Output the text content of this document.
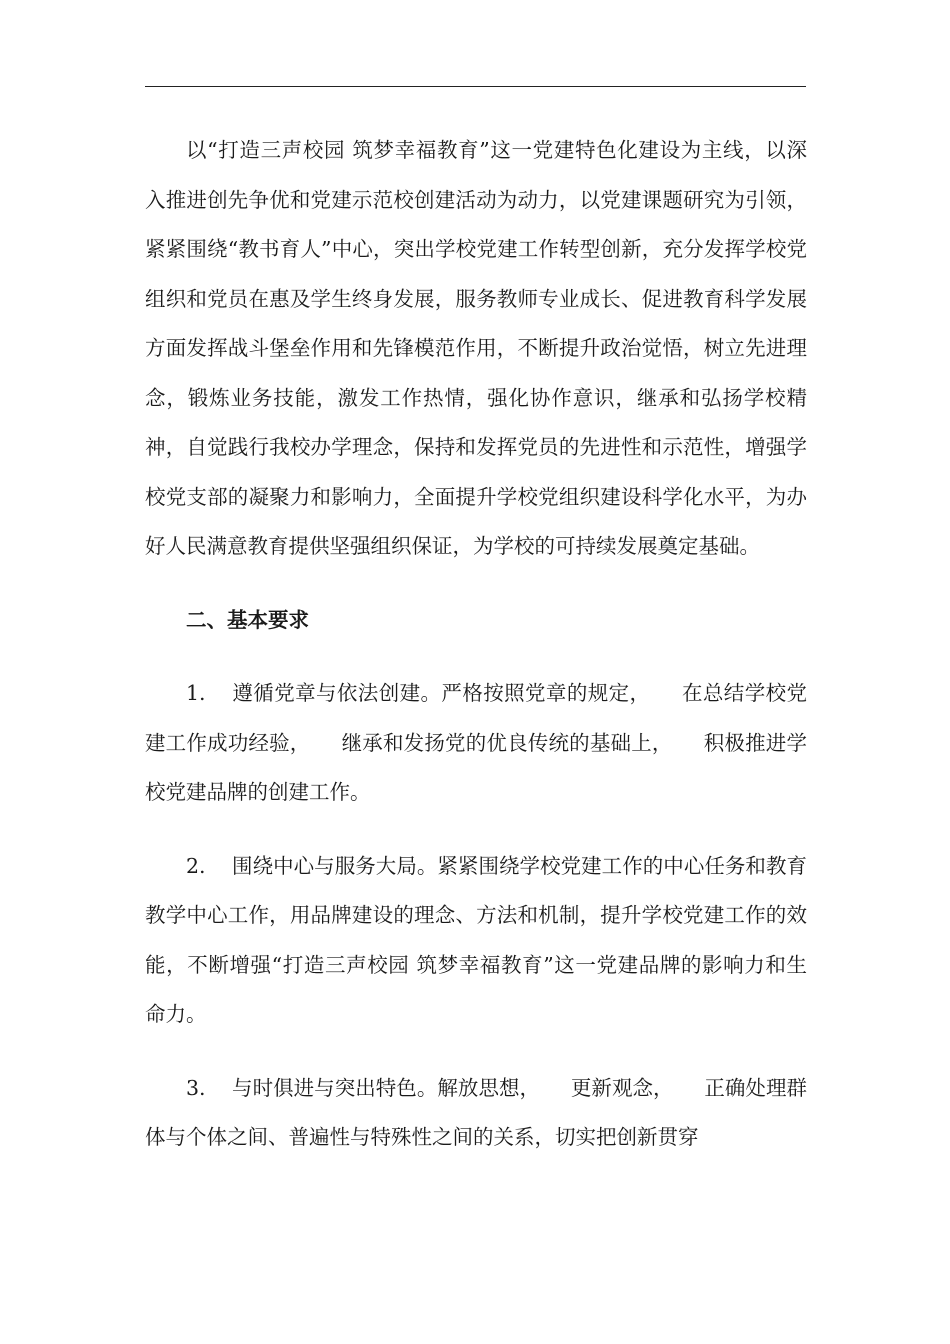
以“打造三声校园 筑梦幸福教育”这一党建特色化建设为主线，以深入推进创先争优和党建示范校创建活动为动力，以党建课题研究为引领，紧紧围绕“教书育人”中心，突出学校党建工作转型创新，充分发挥学校党组织和党员在惠及学生终身发展，服务教师专业成长、促进教育科学发展方面发挥战斗堡垒作用和先锋模范作用，不断提升政治觉悟，树立先进理念，锻炼业务技能，激发工作热情，强化协作意识，继承和弘扬学校精神，自觉践行我校办学理念，保持和发挥党员的先进性和示范性，增强学校党支部的凝聚力和影响力，全面提升学校党组织建设科学化水平，为办好人民满意教育提供坚强组织保证，为学校的可持续发展奠定基础。

二、基本要求

1. 遵循党章与依法创建。严格按照党章的规定，　　在总结学校党建工作成功经验，　　继承和发扬党的优良传统的基础上，　　积极推进学校党建品牌的创建工作。

2. 围绕中心与服务大局。紧紧围绕学校党建工作的中心任务和教育教学中心工作，用品牌建设的理念、方法和机制，提升学校党建工作的效能，不断增强“打造三声校园 筑梦幸福教育”这一党建品牌的影响力和生命力。

3. 与时俱进与突出特色。解放思想，　　更新观念，　　正确处理群体与个体之间、普遍性与特殊性之间的关系，切实把创新贯穿
